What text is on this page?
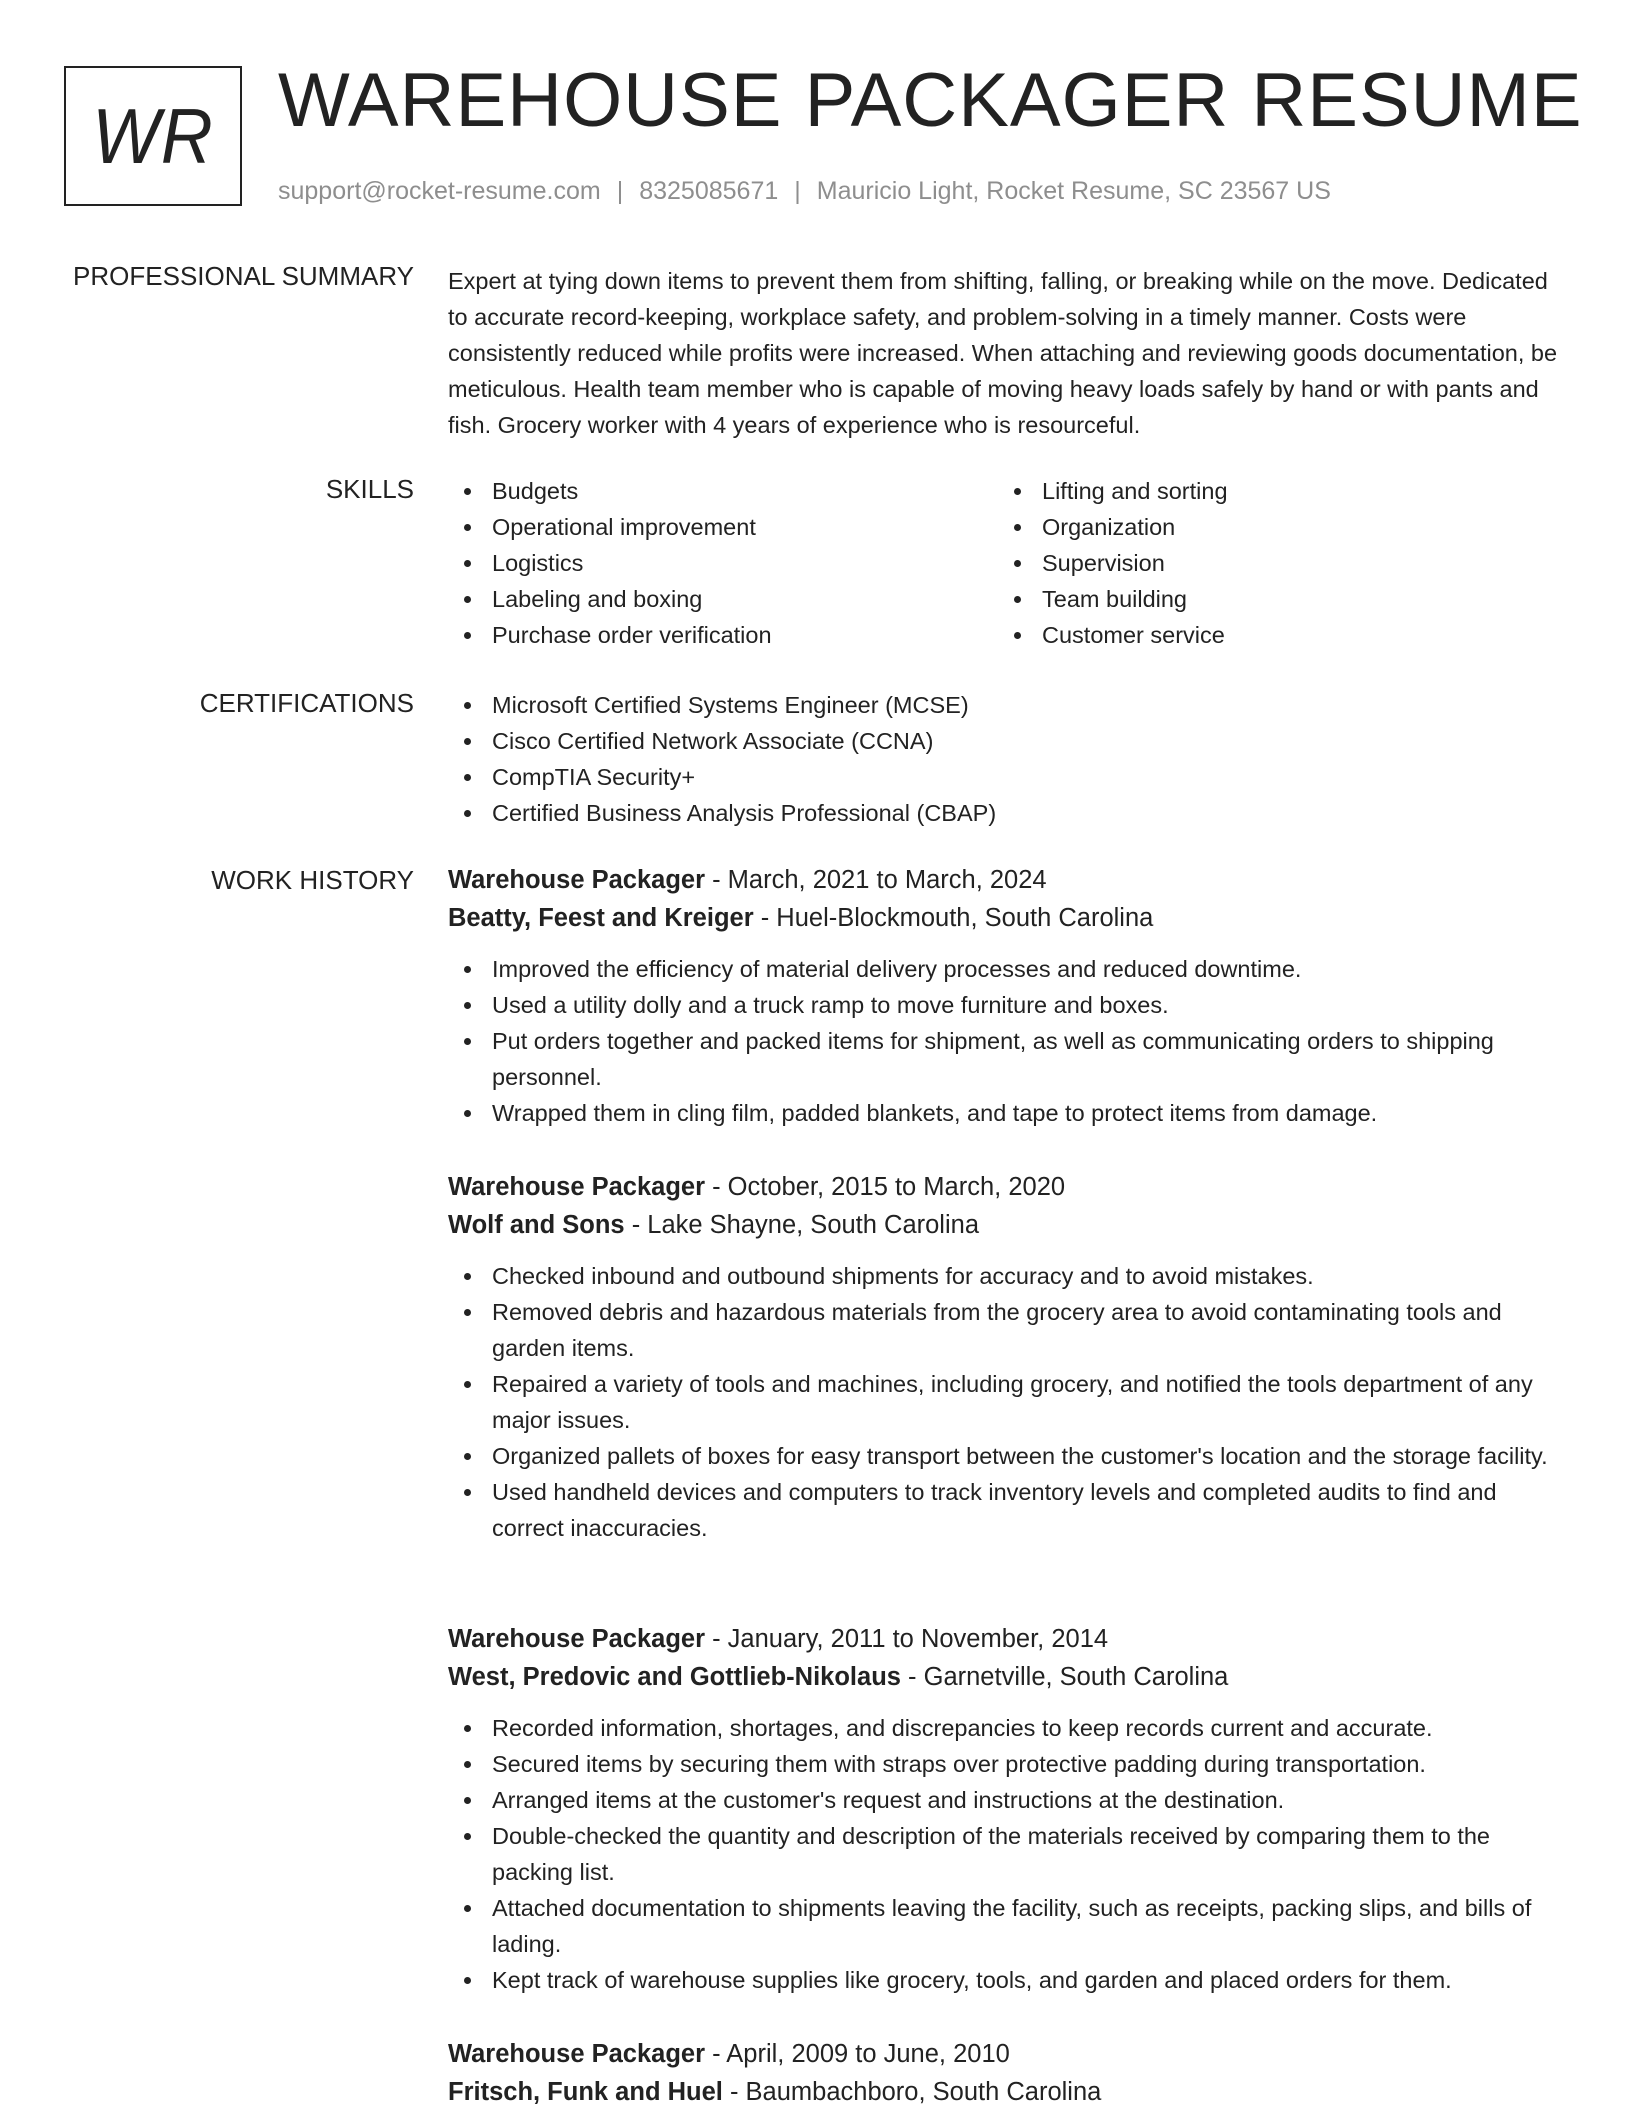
WR WAREHOUSE PACKAGER RESUME
support@rocket-resume.com | 8325085671 | Mauricio Light, Rocket Resume, SC 23567 US
PROFESSIONAL SUMMARY Expert at tying down items to prevent them from shifting, falling, or breaking while on the move. Dedicated to accurate record-keeping, workplace safety, and problem-solving in a timely manner. Costs were consistently reduced while profits were increased. When attaching and reviewing goods documentation, be meticulous. Health team member who is capable of moving heavy loads safely by hand or with pants and fish. Grocery worker with 4 years of experience who is resourceful.

SKILLS	Budgets
Operational improvement
Logistics
Labeling and boxing
Purchase order verification
Lifting and sorting
Organization
Supervision
Team building
Customer service
CERTIFICATIONS	Microsoft Certified Systems Engineer (MCSE)
Cisco Certified Network Associate (CCNA)
CompTIA Security+
Certified Business Analysis Professional (CBAP)
WORK HISTORY Warehouse Packager - March, 2021 to March, 2024
Beatty, Feest and Kreiger - Huel-Blockmouth, South Carolina
Improved the efficiency of material delivery processes and reduced downtime.
Used a utility dolly and a truck ramp to move furniture and boxes.
Put orders together and packed items for shipment, as well as communicating orders to shipping personnel.
Wrapped them in cling film, padded blankets, and tape to protect items from damage.
Warehouse Packager - October, 2015 to March, 2020
Wolf and Sons - Lake Shayne, South Carolina
Checked inbound and outbound shipments for accuracy and to avoid mistakes.
Removed debris and hazardous materials from the grocery area to avoid contaminating tools and garden items.
Repaired a variety of tools and machines, including grocery, and notified the tools department of any major issues.
Organized pallets of boxes for easy transport between the customer's location and the storage facility.
Used handheld devices and computers to track inventory levels and completed audits to find and correct inaccuracies.
Warehouse Packager - January, 2011 to November, 2014
West, Predovic and Gottlieb-Nikolaus - Garnetville, South Carolina
Recorded information, shortages, and discrepancies to keep records current and accurate.
Secured items by securing them with straps over protective padding during transportation.
Arranged items at the customer's request and instructions at the destination.
Double-checked the quantity and description of the materials received by comparing them to the packing list.
Attached documentation to shipments leaving the facility, such as receipts, packing slips, and bills of lading.
Kept track of warehouse supplies like grocery, tools, and garden and placed orders for them.
Warehouse Packager - April, 2009 to June, 2010
Fritsch, Funk and Huel - Baumbachboro, South Carolina
